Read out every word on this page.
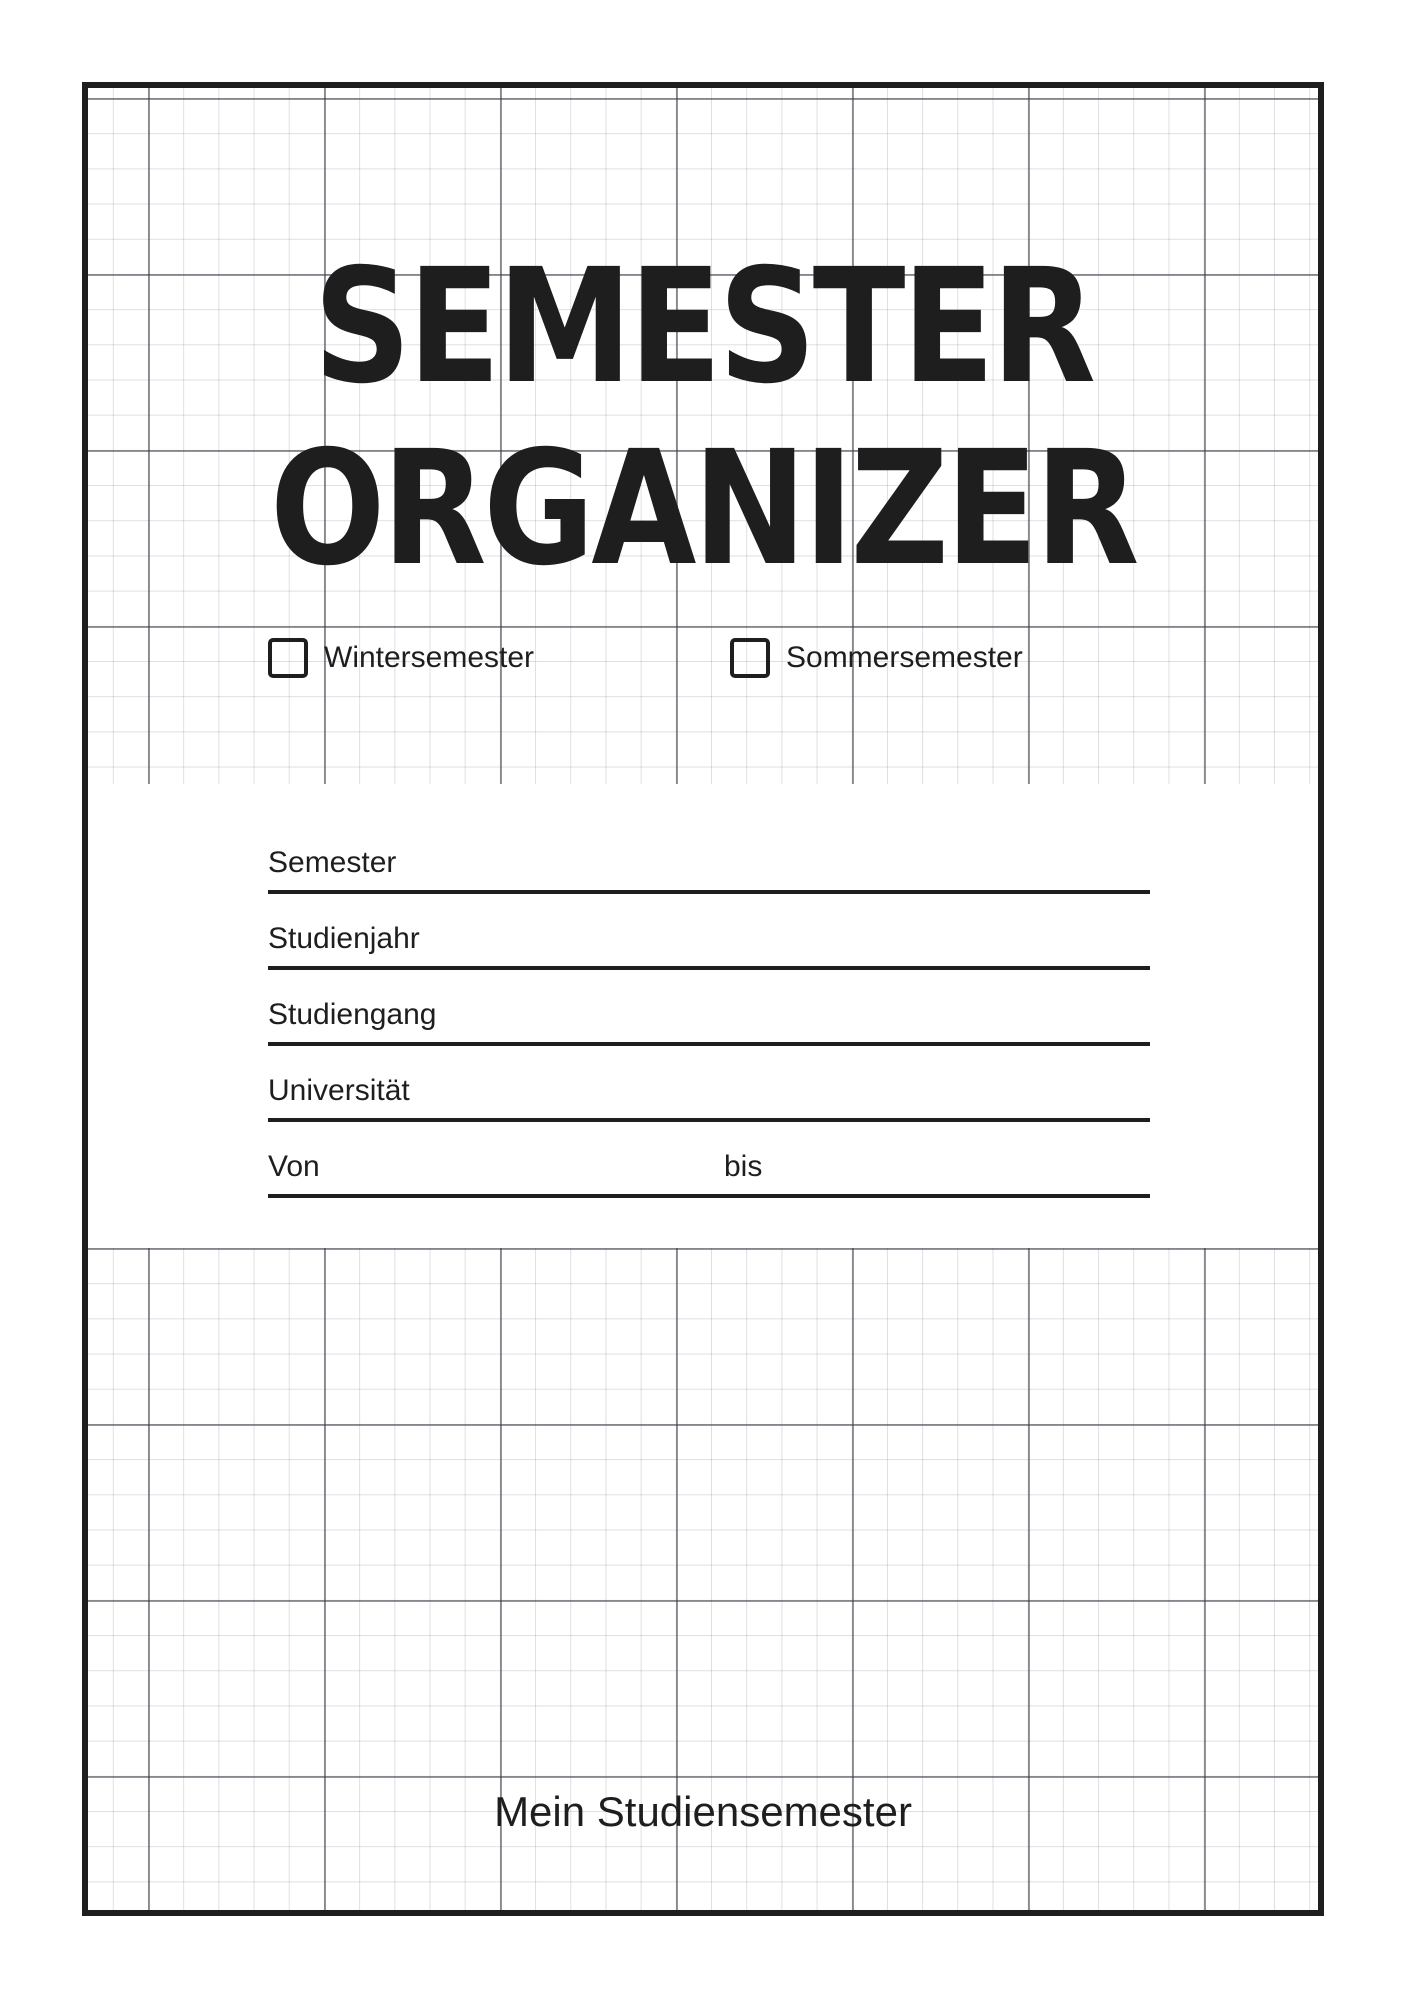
SEMESTER
ORGANIZER
Wintersemester	Sommersemester
Semester
Studienjahr
Studiengang
Universität
Von	bis
Mein Studiensemester
